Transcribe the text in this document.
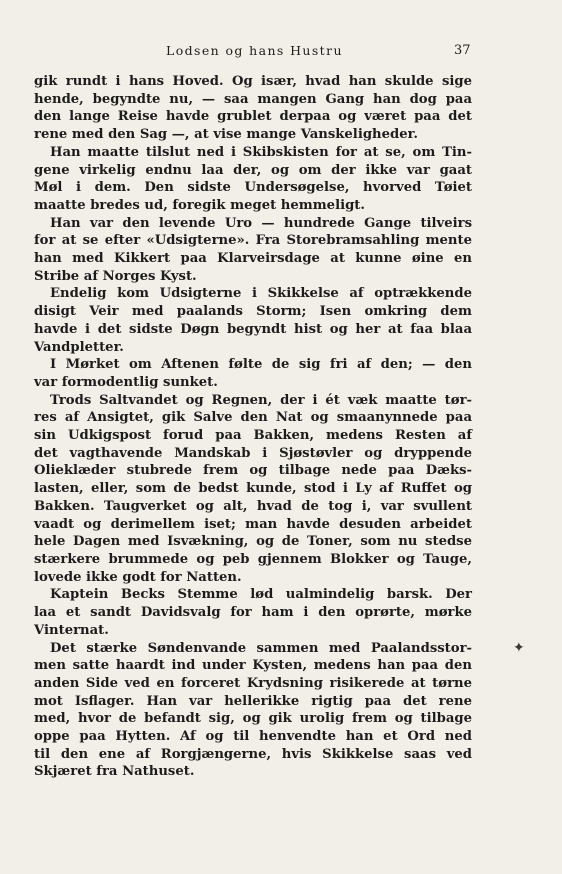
Lodsen og hans Hustru	37
gik rundt i hans Hoved. Og især, hvad han skulde sige
hende, begyndte nu, — saa mangen Gang han dog paa
den lange Reise havde grublet derpaa og været paa det
rene med den Sag —, at vise mange Vanskeligheder.
Han maatte tilslut ned i Skibskisten for at se, om Tin-
gene virkelig endnu laa der, og om der ikke var gaat
Møl i dem. Den sidste Undersøgelse, hvorved Tøiet
maatte bredes ud, foregik meget hemmeligt.
Han var den levende Uro — hundrede Gange tilveirs
for at se efter «Udsigterne». Fra Storebramsahling mente
han med Kikkert paa Klarveirsdage at kunne øine en
Stribe af Norges Kyst.
Endelig kom Udsigterne i Skikkelse af optrækkende
disigt Veir med paalands Storm; Isen omkring dem
havde i det sidste Døgn begyndt hist og her at faa blaa
Vandpletter.
I Mørket om Aftenen følte de sig fri af den; — den
var formodentlig sunket.
Trods Saltvandet og Regnen, der i ét væk maatte tør-
res af Ansigtet, gik Salve den Nat og smaanynnede paa
sin Udkigspost forud paa Bakken, medens Resten af
det vagthavende Mandskab i Sjøstøvler og dryppende
Oliеklæder stubrede frem og tilbage nede paa Dæks-
lasten, eller, som de bedst kunde, stod i Ly af Ruffet og
Bakken. Taugverket og alt, hvad de tog i, var svullent
vaadt og derimellem iset; man havde desuden arbeidet
hele Dagen med Isvækning, og de Toner, som nu stedse
stærkere brummede og peb gjennem Blokker og Tauge,
lovede ikke godt for Natten.
Kaptein Becks Stemme lød ualmindelig barsk. Der
laa et sandt Davidsvalg for ham i den oprørte, mørke
Vinternat.
Det stærke Søndenvande sammen med Paalandsstor-
men satte haardt ind under Kysten, medens han paa den
anden Side ved en forceret Krydsning risikerede at tørne
mot Isflager. Han var hellerikke rigtig paa det rene
med, hvor de befandt sig, og gik urolig frem og tilbage
oppe paa Hytten. Af og til henvendte han et Ord ned
til den ene af Rorgjængerne, hvis Skikkelse saas ved
Skjæret fra Nathuset.
✦
